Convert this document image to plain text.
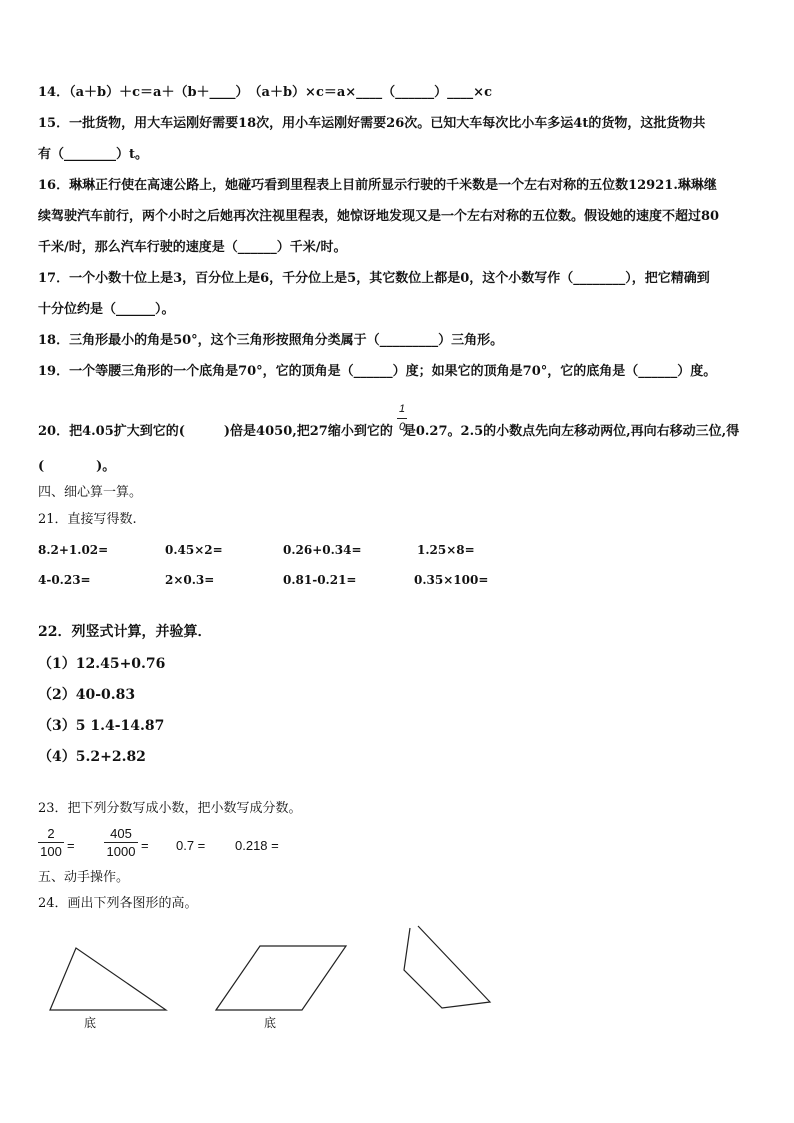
14．（a＋b）＋c＝a＋（b＋____）　（a＋b）×c＝a×____（______）____×c
15．一批货物，用大车运刚好需要18次，用小车运刚好需要26次。已知大车每次比小车多运4t的货物，这批货物共
有（________）t。
16．琳琳正行使在高速公路上，她碰巧看到里程表上目前所显示行驶的千米数是一个左右对称的五位数12921.琳琳继
续驾驶汽车前行，两个小时之后她再次注视里程表，她惊讶地发现又是一个左右对称的五位数。假设她的速度不超过80
千米/时，那么汽车行驶的速度是（______）千米/时。
17．一个小数十位上是3，百分位上是6，千分位上是5，其它数位上都是0，这个小数写作（________），把它精确到
十分位约是（______）。
18．三角形最小的角是50°，这个三角形按照角分类属于（_________）三角形。
19．一个等腰三角形的一个底角是70°，它的顶角是（______）度；如果它的顶角是70°，它的底角是（______）度。
20．把4.05扩大到它的(　　　)倍是4050,把27缩小到它的 是0.27。2.5的小数点先向左移动两位,再向右移动三位,得
1
0
(　　　　)。
四、细心算一算。
21．直接写得数.
8.2+1.02=	0.45×2=	0.26+0.34=	1.25×8=
4-0.23=	2×0.3=	0.81-0.21=	0.35×100=
22．列竖式计算，并验算．
（1）12.45+0.76
（2）40-0.83
（3）5 1.4-14.87
（4）5.2+2.82
23．把下列分数写成小数，把小数写成分数。
2
100 =
405
1000 = 0.7 = 0.218 =
五、动手操作。
24．画出下列各图形的高。
底	底
